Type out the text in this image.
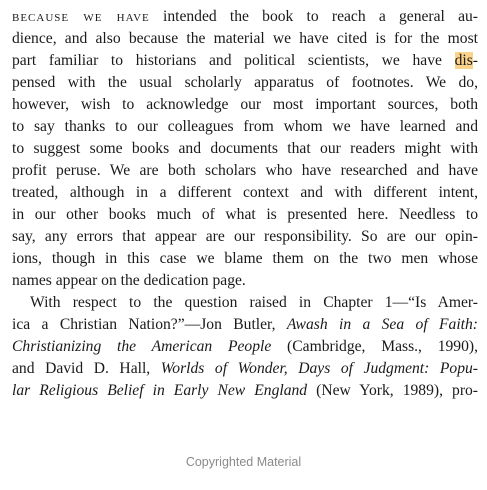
because we have intended the book to reach a general au-
dience, and also because the material we have cited is for the most
part familiar to historians and political scientists, we have dis-
pensed with the usual scholarly apparatus of footnotes. We do,
however, wish to acknowledge our most important sources, both
to say thanks to our colleagues from whom we have learned and
to suggest some books and documents that our readers might with
profit peruse. We are both scholars who have researched and have
treated, although in a different context and with different intent,
in our other books much of what is presented here. Needless to
say, any errors that appear are our responsibility. So are our opin-
ions, though in this case we blame them on the two men whose
names appear on the dedication page.
With respect to the question raised in Chapter 1—“Is Amer-
ica a Christian Nation?”—Jon Butler, Awash in a Sea of Faith:
Christianizing the American People (Cambridge, Mass., 1990),
and David D. Hall, Worlds of Wonder, Days of Judgment: Popu-
lar Religious Belief in Early New England (New York, 1989), pro-
Copyrighted Material
